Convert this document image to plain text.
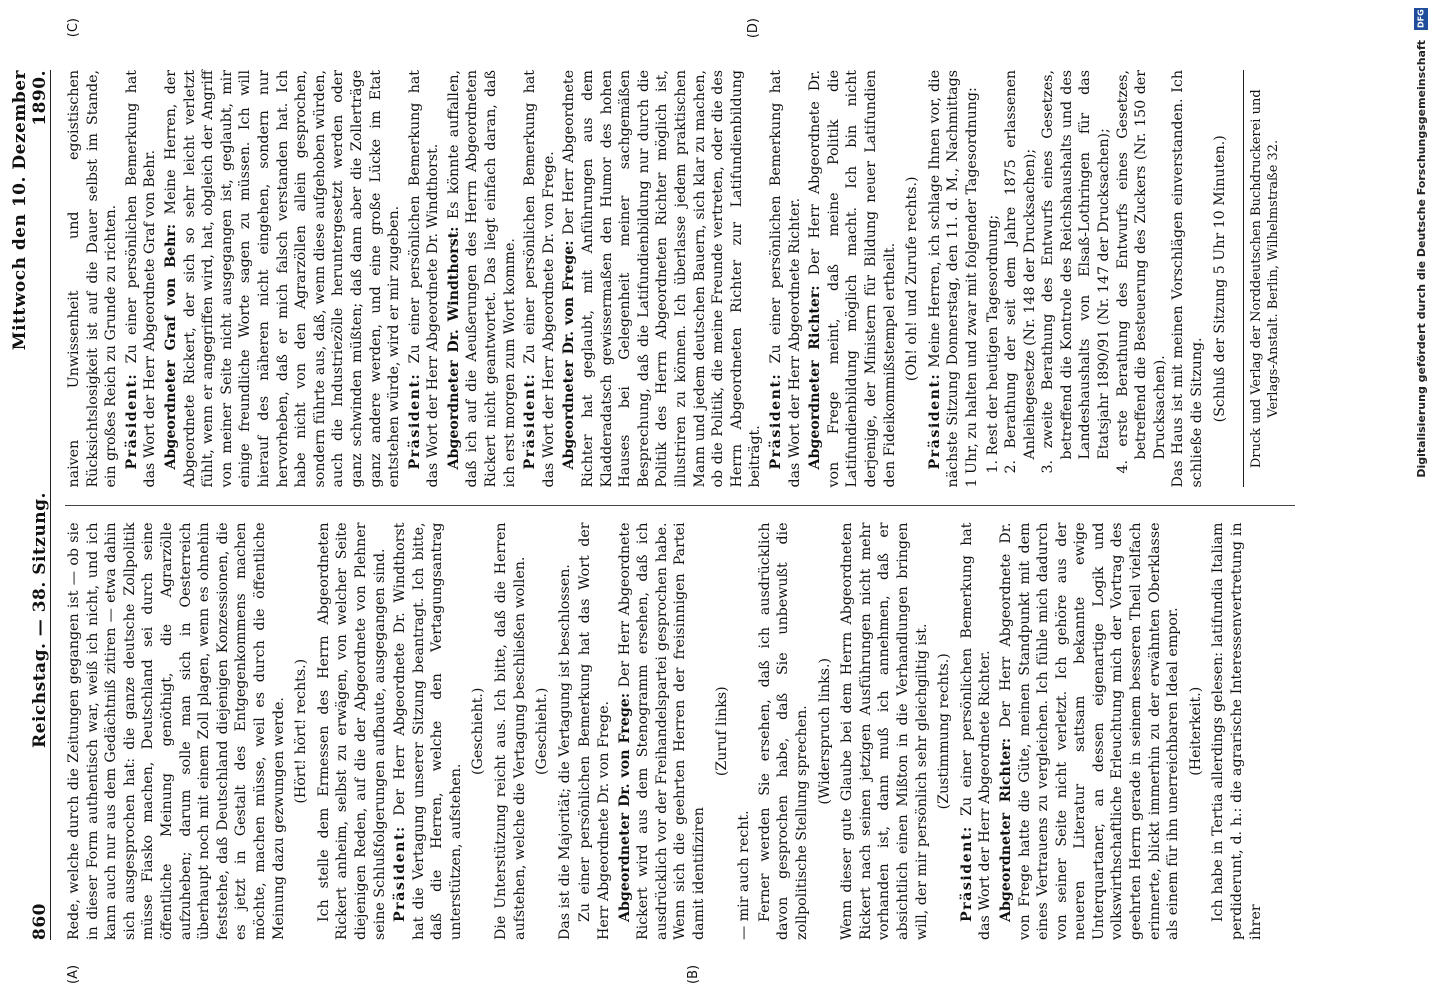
860
Reichstag. — 38. Sitzung.
Mittwoch den 10. Dezember 1890.
(A)	(B)

Rede, welche durch die Zeitungen gegangen ist — ob sie in dieser Form authentisch war, weiß ich nicht, und ich kann auch nur aus dem Gedächtniß zitiren — etwa dahin sich ausgesprochen hat: die ganze deutsche Zollpolitik müsse Fiasko machen, Deutschland sei durch seine öffentliche Meinung genöthigt, die Agrarzölle aufzuheben; darum solle man sich in Oesterreich überhaupt noch mit einem Zoll plagen, wenn es ohnehin feststehe, daß Deutschland diejenigen Konzessionen, die es jetzt in Gestalt des Entgegenkommens machen möchte, machen müsse, weil es durch die öffentliche Meinung dazu gezwungen werde. (Hört! hört! rechts.) Ich stelle dem Ermessen des Herrn Abgeordneten Rickert anheim, selbst zu erwägen, von welcher Seite diejenigen Reden, auf die der Abgeordnete von Plehner seine Schlußfolgerungen aufbaute, ausgegangen sind. Präsident: Der Herr Abgeordnete Dr. Windthorst hat die Vertagung unserer Sitzung beantragt. Ich bitte, daß die Herren, welche den Vertagungsantrag unterstützen, aufstehen.

(Geschieht.) Die Unterstützung reicht aus. Ich bitte, daß die Herren aufstehen, welche die Vertagung beschließen wollen. (Geschieht.) Das ist die Majorität; die Vertagung ist beschlossen. Zu einer persönlichen Bemerkung hat das Wort der Herr Abgeordnete Dr. von Frege. Abgeordneter Dr. von Frege: Der Herr Abgeordnete Rickert wird aus dem Stenogramm ersehen, daß ich ausdrücklich vor der Freihandelspartei gesprochen habe. Wenn sich die geehrten Herren der freisinnigen Partei damit identifiziren

(Zuruf links)

— mir auch recht. Ferner werden Sie ersehen, daß ich ausdrücklich davon gesprochen habe, daß Sie unbewußt die zollpolitische Stellung sprechen. (Widerspruch links.) Wenn dieser gute Glaube bei dem Herrn Abgeordneten Rickert nach seinen jetzigen Ausführungen nicht mehr vorhanden ist, dann muß ich annehmen, daß er absichtlich einen Mißton in die Verhandlungen bringen will, der mir persönlich sehr gleichgiltig ist. (Zustimmung rechts.)

Präsident: Zu einer persönlichen Bemerkung hat das Wort der Herr Abgeordnete Richter. Abgeordneter Richter: Der Herr Abgeordnete Dr. von Frege hatte die Güte, meinen Standpunkt mit dem eines Vertrauens zu vergleichen. Ich fühle mich dadurch von seiner Seite nicht verletzt. Ich gehöre aus der neueren Literatur sattsam bekannte ewige Unterquartaner, an dessen eigenartige Logik und volkswirthschaftliche Erleuchtung mich der Vortrag des geehrten Herrn gerade in seinem besseren Theil vielfach erinnerte, blickt immerhin zu der erwähnten Oberklasse als einem für ihn unerreichbaren Ideal empor. (Heiterkeit.) Ich habe in Tertia allerdings gelesen: latifundia Italiam perdiderunt, d. h.: die agrarische Interessenvertretung in ihrer

(C)	(D)

naiven Unwissenheit und egoistischen Rücksichtslosigkeit ist auf die Dauer selbst im Stande, ein großes Reich zu Grunde zu richten. Präsident: Zu einer persönlichen Bemerkung hat das Wort der Herr Abgeordnete Graf von Behr. Abgeordneter Graf von Behr: Meine Herren, der Abgeordnete Rickert, der sich so sehr leicht verletzt fühlt, wenn er angegriffen wird, hat, obgleich der Angriff von meiner Seite nicht ausgegangen ist, geglaubt, mir einige freundliche Worte sagen zu müssen. Ich will hierauf des näheren nicht eingehen, sondern nur hervorheben, daß er mich falsch verstanden hat. Ich habe nicht von den Agrarzöllen allein gesprochen, sondern führte aus, daß, wenn diese aufgehoben würden, auch die Industriezölle heruntergesetzt werden oder ganz schwinden müßten; daß dann aber die Zollerträge ganz andere werden, und eine große Lücke im Etat entstehen würde, wird er mir zugeben. Präsident: Zu einer persönlichen Bemerkung hat das Wort der Herr Abgeordnete Dr. Windthorst. Abgeordneter Dr. Windthorst: Es könnte auffallen, daß ich auf die Aeußerungen des Herrn Abgeordneten Rickert nicht geantwortet. Das liegt einfach daran, daß ich erst morgen zum Wort komme. Präsident: Zu einer persönlichen Bemerkung hat das Wort der Herr Abgeordnete Dr. von Frege. Abgeordneter Dr. von Frege: Der Herr Abgeordnete Richter hat geglaubt, mit Anführungen aus dem Kladderadatsch gewissermaßen den Humor des hohen Hauses bei Gelegenheit meiner sachgemäßen Besprechung, daß die Latifundienbildung nur durch die Politik des Herrn Abgeordneten Richter möglich ist, illustriren zu können. Ich überlasse jedem praktischen Mann und jedem deutschen Bauern, sich klar zu machen, ob die Politik, die meine Freunde vertreten, oder die des Herrn Abgeordneten Richter zur Latifundienbildung beiträgt. Präsident: Zu einer persönlichen Bemerkung hat das Wort der Herr Abgeordnete Richter. Abgeordneter Richter: Der Herr Abgeordnete Dr. von Frege meint, daß meine Politik die Latifundienbildung möglich macht. Ich bin nicht derjenige, der Ministern für Bildung neuer Latifundien den Fideikommißstempel ertheilt. (Oh! oh! und Zurufe rechts.)

Präsident: Meine Herren, ich schlage Ihnen vor, die nächste Sitzung Donnerstag, den 11. d. M., Nachmittags 1 Uhr, zu halten und zwar mit folgender Tagesordnung: 1. Rest der heutigen Tagesordnung; 2. Berathung der seit dem Jahre 1875 erlassenen Anleihegesetze (Nr. 148 der Drucksachen); 3. zweite Berathung des Entwurfs eines Gesetzes, betreffend die Kontrole des Reichshaushalts und des Landeshaushalts von Elsaß-Lothringen für das Etatsjahr 1890/91 (Nr. 147 der Drucksachen); 4. erste Berathung des Entwurfs eines Gesetzes, betreffend die Besteuerung des Zuckers (Nr. 150 der Drucksachen). Das Haus ist mit meinen Vorschlägen einverstanden. Ich schließe die Sitzung. (Schluß der Sitzung 5 Uhr 10 Minuten.)	Druck und Verlag der Norddeutschen Buchdruckerei und Verlags-Anstalt. Berlin, Wilhelmstraße 32.
DFG
Digitalisierung gefördert durch die Deutsche Forschungsgemeinschaft
